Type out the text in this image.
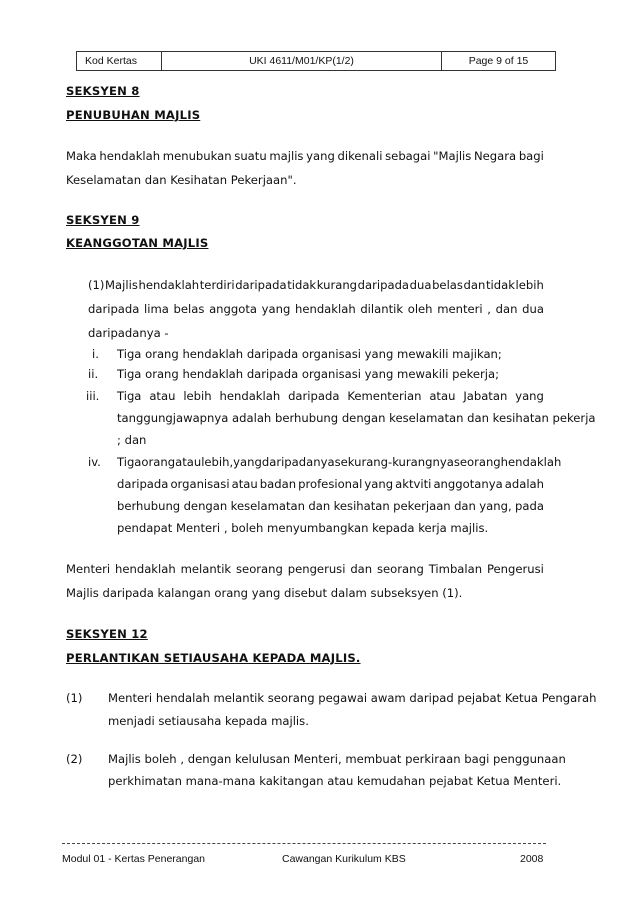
Kod Kertas	UKI 4611/M01/KP(1/2)	Page 9 of 15
SEKSYEN 8
PENUBUHAN MAJLIS
Maka hendaklah menubukan suatu majlis yang dikenali sebagai "Majlis Negara bagi
Keselamatan dan Kesihatan Pekerjaan".
SEKSYEN 9
KEANGGOTAN MAJLIS
(1) Majlis hendaklah terdiri daripada tidak kurang daripada dua belas dan tidak lebih
daripada lima belas anggota yang hendaklah dilantik oleh menteri , dan dua
daripadanya -
i. Tiga orang hendaklah daripada organisasi yang mewakili majikan;
ii. Tiga orang hendaklah daripada organisasi yang mewakili pekerja;
iii. Tiga atau lebih hendaklah daripada Kementerian atau Jabatan yang
tanggungjawapnya adalah berhubung dengan keselamatan dan kesihatan pekerja
; dan
iv. Tiga orang atau lebih ,yang daripadanya sekurang-kurangnya seorang hendaklah
daripada organisasi atau badan profesional yang aktviti anggotanya adalah
berhubung dengan keselamatan dan kesihatan pekerjaan dan yang, pada
pendapat Menteri , boleh menyumbangkan kepada kerja majlis.
Menteri hendaklah melantik seorang pengerusi dan seorang Timbalan Pengerusi
Majlis daripada kalangan orang yang disebut dalam subseksyen (1).
SEKSYEN 12
PERLANTIKAN SETIAUSAHA KEPADA MAJLIS.
(1) Menteri hendalah melantik seorang pegawai awam daripad pejabat Ketua Pengarah
menjadi setiausaha kepada majlis.
(2) Majlis boleh , dengan kelulusan Menteri, membuat perkiraan bagi penggunaan
perkhimatan mana-mana kakitangan atau kemudahan pejabat Ketua Menteri.
Modul 01 - Kertas Penerangan	Cawangan Kurikulum KBS	2008
